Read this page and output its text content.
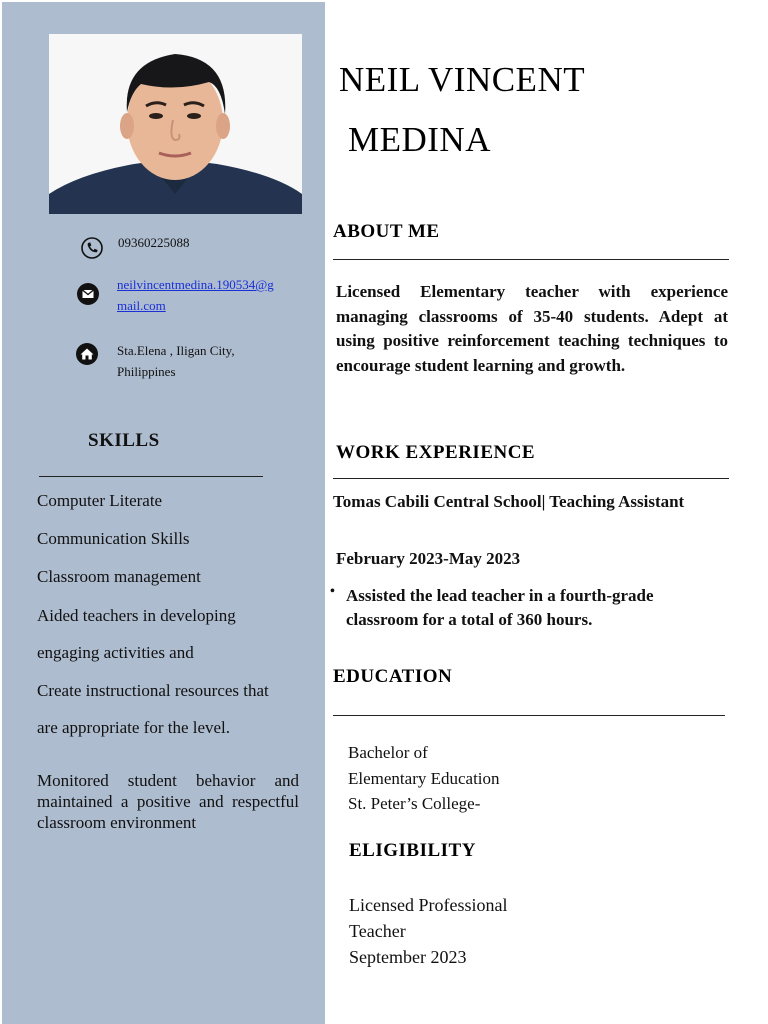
09360225088
neilvincentmedina.190534@g
mail.com
Sta.Elena , Iligan City,
Philippines
SKILLS
Computer Literate
Communication Skills
Classroom management
Aided teachers in developing
engaging activities and
Create instructional resources that
are appropriate for the level.
Monitored student behavior and maintained a positive and respectful classroom environment
NEIL VINCENT
MEDINA
ABOUT ME
Licensed Elementary teacher with experience managing classrooms of 35-40 students. Adept at using positive reinforcement teaching techniques to encourage student learning and growth.
WORK EXPERIENCE
Tomas Cabili Central School| Teaching Assistant
February 2023-May 2023
• Assisted the lead teacher in a fourth-grade classroom for a total of 360 hours.
EDUCATION
Bachelor of
Elementary Education
St. Peter’s College-
ELIGIBILITY
Licensed Professional
Teacher
September 2023
